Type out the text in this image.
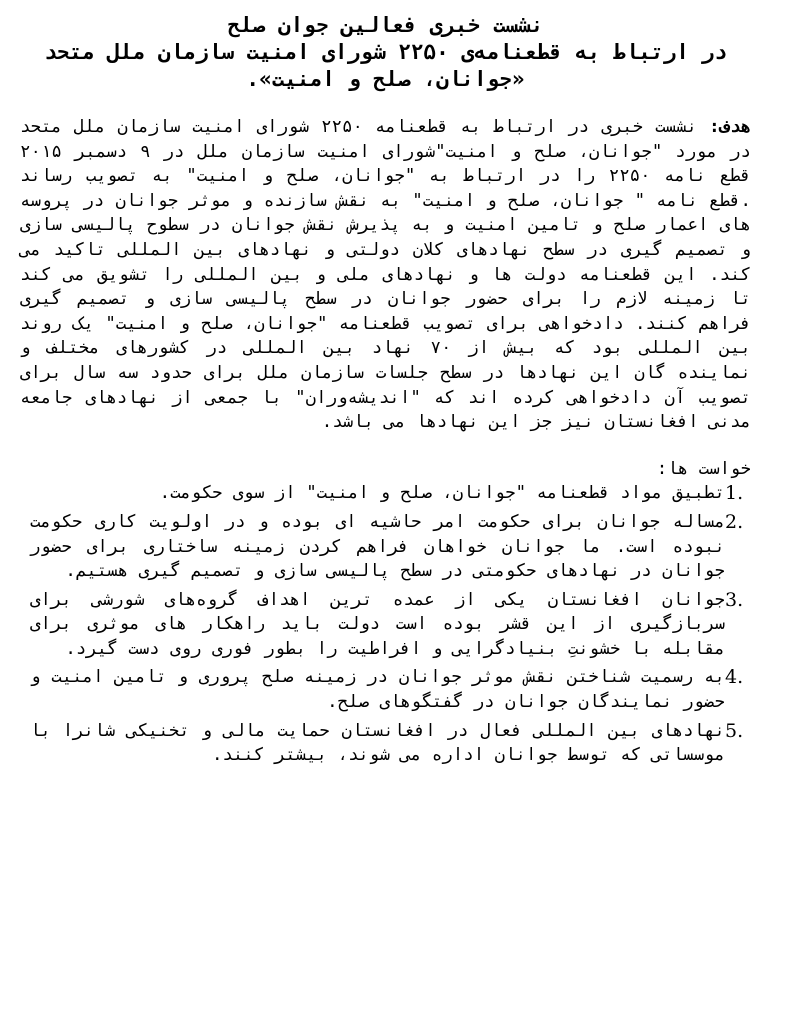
نشست خبری فعالین جوان صلح
در ارتباط به قطعنامه‌ی ۲۲۵۰ شورای امنیت سازمان ملل متحد
«جوانان، صلح و امنیت».

هدف: نشست خبری در ارتباط به قطعنامه ۲۲۵۰ شورای امنیت سازمان ملل متحد در مورد "جوانان، صلح و امنیت"شورای امنیت سازمان ملل در ۹ دسمبر ۲۰۱۵ قطع نامه ۲۲۵۰ را در ارتباط به "جوانان، صلح و امنیت" به تصویب رساند .قطع نامه " جوانان، صلح و امنیت" به نقش سازنده و موثر جوانان در پروسه های اعمار صلح و تامین امنیت و به پذیرش نقش جوانان در سطوح پالیسی سازی و تصمیم گیری در سطح نهادهای کلان دولتی و نهادهای بین المللی تاکید می کند. این قطعنامه دولت ها و نهادهای ملی و بین المللی را تشویق می کند تا زمینه لازم را برای حضور جوانان در سطح پالیسی سازی و تصمیم گیری فراهم کنند. دادخواهی برای تصویب قطعنامه "جوانان، صلح و امنیت" یک روند بین المللی بود که بیش از ۷۰ نهاد بین المللی در کشورهای مختلف و نماینده گان این نهادها در سطح جلسات سازمان ملل برای حدود سه سال برای تصویب آن دادخواهی کرده اند که "اندیشه‌وران" با جمعی از نهادهای جامعه مدنی افغانستان نیز جز این نهادها می باشد.

خواست ها:
1.
تطبیق مواد قطعنامه "جوانان، صلح و امنیت" از سوی حکومت.
2.
مساله جوانان برای حکومت امر حاشیه ای بوده و در اولویت کاری حکومت نبوده است. ما جوانان خواهان فراهم کردن زمینه ساختاری برای حضور جوانان در نهادهای حکومتی در سطح پالیسی سازی و تصمیم گیری هستیم.
3.
جوانان افغانستان یکی از عمده ترین اهداف گروه‌های شورشی برای سربازگیری از این قشر بوده است دولت باید راهکار های موثری برای مقابله با خشونتِ بنیادگرایی و افراطیت را بطور فوری روی دست گیرد.
4.
به رسمیت شناختن نقش موثر جوانان در زمینه صلح پروری و تامین امنیت و حضور نمایندگان جوانان در گفتگوهای صلح.
5.
نهادهای بین المللی فعال در افغانستان حمایت مالی و تخنیکی شانرا با موسساتی که توسط جوانان اداره می شوند، بیشتر کنند.
